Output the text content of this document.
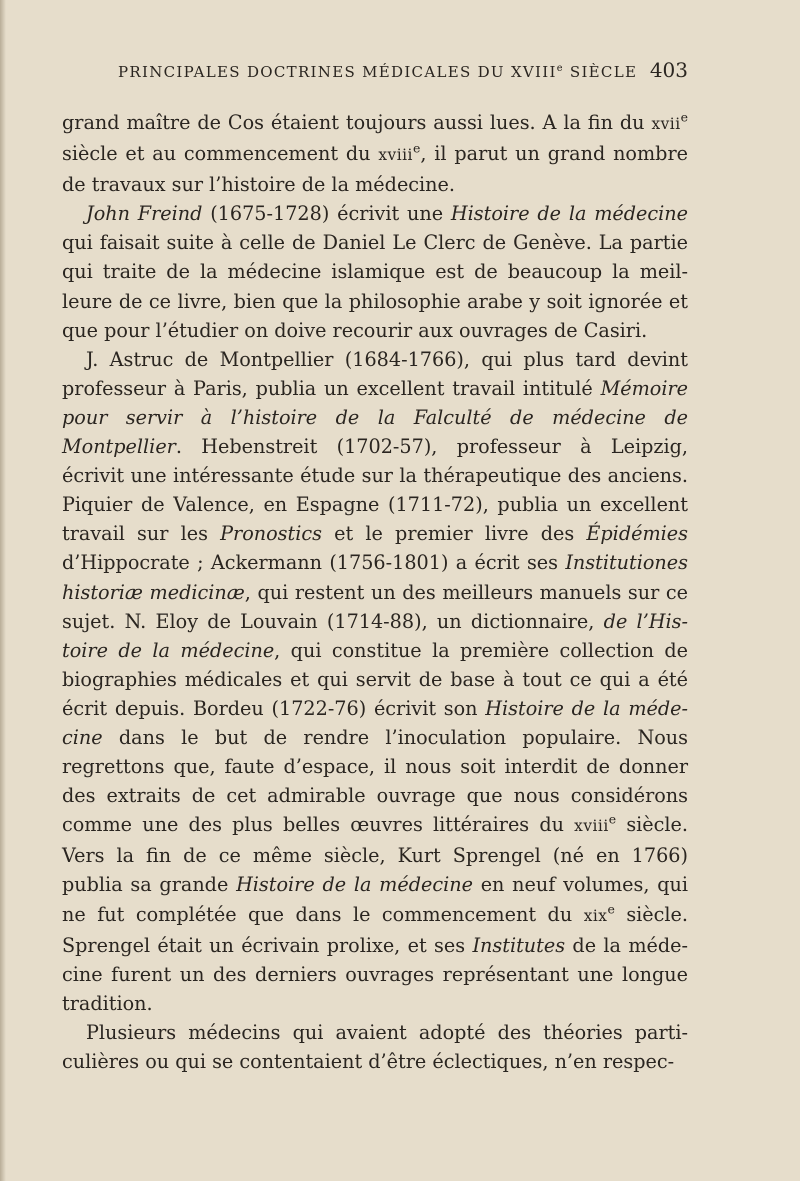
PRINCIPALES DOCTRINES MÉDICALES DU XVIIIe SIÈCLE 403

grand maître de Cos étaient toujours aussi lues. A la fin du xvii$^e$ siècle et au commencement du xviii$^e$, il parut un grand nombre de travaux sur l’histoire de la médecine.

John Freind (1675-1728) écrivit une Histoire de la médecine qui faisait suite à celle de Daniel Le Clerc de Genève. La partie qui traite de la médecine islamique est de beaucoup la meilleure de ce livre, bien que la philosophie arabe y soit ignorée et que pour l’étudier on doive recourir aux ouvrages de Casiri.

J. Astruc de Montpellier (1684-1766), qui plus tard devint professeur à Paris, publia un excellent travail intitulé Mémoire pour servir à l’histoire de la Falculté de médecine de Montpellier. Hebenstreit (1702-57), professeur à Leipzig, écrivit une intéressante étude sur la thérapeutique des anciens. Piquier de Valence, en Espagne (1711-72), publia un excellent travail sur les Pronostics et le premier livre des Épidémies d’Hippocrate ; Ackermann (1756-1801) a écrit ses Institutiones historiæ medicinæ, qui restent un des meilleurs manuels sur ce sujet. N. Eloy de Louvain (1714-88), un dictionnaire, de l’Histoire de la médecine, qui constitue la première collection de biographies médicales et qui servit de base à tout ce qui a été écrit depuis. Bordeu (1722-76) écrivit son Histoire de la médecine dans le but de rendre l’inoculation populaire. Nous regrettons que, faute d’espace, il nous soit interdit de donner des extraits de cet admirable ouvrage que nous considérons comme une des plus belles œuvres littéraires du xviii$^e$ siècle. Vers la fin de ce même siècle, Kurt Sprengel (né en 1766) publia sa grande Histoire de la médecine en neuf volumes, qui ne fut complétée que dans le commencement du xix$^e$ siècle. Sprengel était un écrivain prolixe, et ses Institutes de la médecine furent un des derniers ouvrages représentant une longue tradition.

Plusieurs médecins qui avaient adopté des théories particulières ou qui se contentaient d’être éclectiques, n’en respec-
